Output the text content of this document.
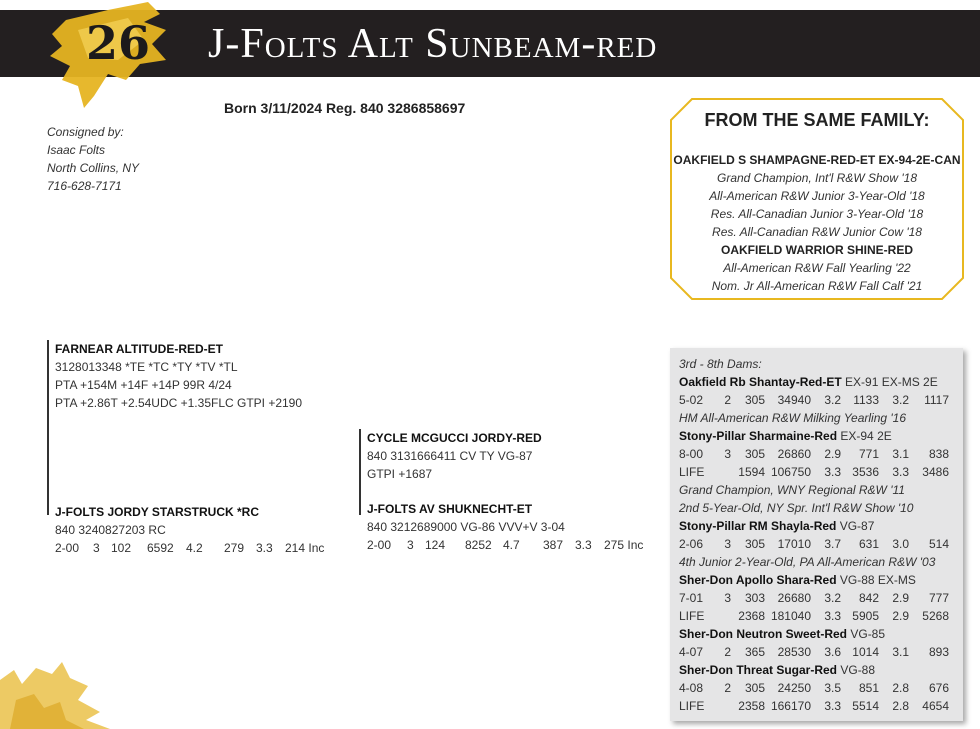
26 J-Folts Alt Sunbeam-red
Born 3/11/2024 Reg. 840 3286858697
Consigned by:
Isaac Folts
North Collins, NY
716-628-7171
FROM THE SAME FAMILY:
OAKFIELD S SHAMPAGNE-RED-ET EX-94-2E-CAN
Grand Champion, Int'l R&W Show '18
All-American R&W Junior 3-Year-Old '18
Res. All-Canadian Junior 3-Year-Old '18
Res. All-Canadian R&W Junior Cow '18
OAKFIELD WARRIOR SHINE-RED
All-American R&W Fall Yearling '22
Nom. Jr All-American R&W Fall Calf '21
FARNEAR ALTITUDE-RED-ET
3128013348 *TE *TC *TY *TV *TL
PTA +154M +14F +14P 99R 4/24
PTA +2.86T +2.54UDC +1.35FLC GTPI +2190
CYCLE MCGUCCI JORDY-RED
840 3131666411 CV TY VG-87
GTPI +1687
J-FOLTS JORDY STARSTRUCK *RC
840 3240827203 RC
2-00 3 102 6592 4.2 279 3.3 214 Inc
J-FOLTS AV SHUKNECHT-ET
840 3212689000 VG-86 VVV+V 3-04
2-00 3 124 8252 4.7 387 3.3 275 Inc
3rd - 8th Dams:
Oakfield Rb Shantay-Red-ET EX-91 EX-MS 2E
5-02 2 305 34940 3.2 1133 3.2 1117
HM All-American R&W Milking Yearling '16
Stony-Pillar Sharmaine-Red EX-94 2E
8-00 3 305 26860 2.9 771 3.1 838
LIFE	1594 106750 3.3 3536 3.3 3486
Grand Champion, WNY Regional R&W '11
2nd 5-Year-Old, NY Spr. Int'l R&W Show '10
Stony-Pillar RM Shayla-Red VG-87
2-06 3 305 17010 3.7 631 3.0 514
4th Junior 2-Year-Old, PA All-American R&W '03
Sher-Don Apollo Shara-Red VG-88 EX-MS
7-01 3 303 26680 3.2 842 2.9 777
LIFE	2368 181040 3.3 5905 2.9 5268
Sher-Don Neutron Sweet-Red VG-85
4-07 2 365 28530 3.6 1014 3.1 893
Sher-Don Threat Sugar-Red VG-88
4-08 2 305 24250 3.5 851 2.8 676
LIFE	2358 166170 3.3 5514 2.8 4654
